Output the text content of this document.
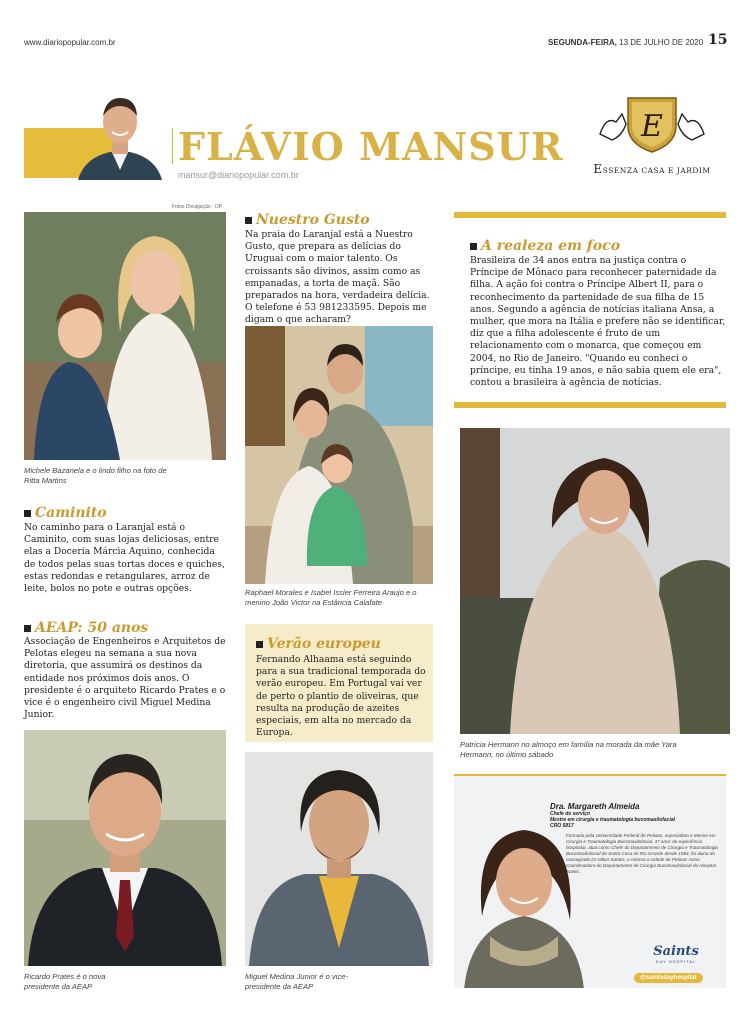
www.diariopopular.com.br	SEGUNDA-FEIRA, 13 DE JULHO DE 2020 15
FLÁVIO MANSUR
mansur@diariopopular.com.br
E
ESSENZA CASA E JARDIM
Fotos Divulgação - DP
Michele Bazanela e o lindo filho na foto de Ritta Martins
Caminito
No caminho para o Laranjal está o Caminito, com suas lojas deliciosas, entre elas a Doceria Márcia Aquino, conhecida de todos pelas suas tortas doces e quiches, estas redondas e retangulares, arroz de leite, bolos no pote e outras opções.
AEAP: 50 anos
Associação de Engenheiros e Arquitetos de Pelotas elegeu na semana a sua nova diretoria, que assumirá os destinos da entidade nos próximos dois anos. O presidente é o arquiteto Ricardo Prates e o vice é o engenheiro civil Miguel Medina Junior.
Ricardo Prates é o nova presidente da AEAP
Nuestro Gusto
Na praia do Laranjal está a Nuestro Gusto, que prepara as delícias do Uruguai com o maior talento. Os croissants são divinos, assim como as empanadas, a torta de maçã. São preparados na hora, verdadeira delícia. O telefone é 53 981233595. Depois me digam o que acharam?
Raphael Morales e Isabel Issler Ferreira Araujo e o menino João Victor na Estância Calafate
Verão europeu
Fernando Alhaama está seguindo para a sua tradicional temporada do verão europeu. Em Portugal vai ver de perto o plantio de oliveiras, que resulta na produção de azeites especiais, em alta no mercado da Europa.
Miguel Medina Junior é o vice-presidente da AEAP
A realeza em foco
Brasileira de 34 anos entra na justiça contra o Príncipe de Mônaco para reconhecer paternidade da filha. A ação foi contra o Príncipe Albert II, para o reconhecimento da partenidade de sua filha de 15 anos. Segundo a agência de notícias italiana Ansa, a mulher, que mora na Itália e prefere não se identificar, diz que a filha adolescente é fruto de um relacionamento com o monarca, que começou em 2004, no Rio de Janeiro. "Quando eu conheci o príncipe, eu tinha 19 anos, e não sabia quem ele era", contou a brasileira à agência de notícias.
Patrícia Hermann no almoço em família na morada da mãe Yara Hermann, no último sábado
Dra. Margareth Almeida
Chefe de serviço
Mestre em cirurgia e traumatologia bucomaxilofacial
CRO 5817
Formada pela Universidade Federal de Pelotas, especialista e Mestre em Cirurgia e Traumatologia Bucomaxilofacial, 37 anos de experiência hospitalar, atua como Chefe do Departamento de Cirurgia e Traumatologia Bucomaxilofacial da Santa Casa de Rio Grande desde 1984, foi aluna do consagrado Dr Nilton Santos, e retorna a cidade de Pelotas como Coordenadora do Departamento de Cirurgia Bucomaxilofacial do Hospital Saints.
Saints
DAY HOSPITAL
@saintsdayhospital
